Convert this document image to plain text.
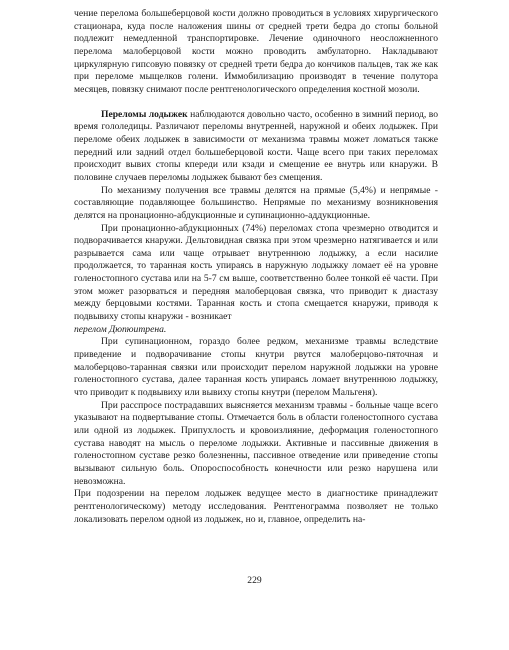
чение перелома большеберцовой кости должно проводиться в условиях хирургического стационара, куда после наложения шины от средней трети бедра до стопы больной подлежит немедленной транспортировке. Лечение одиночного неосложненного перелома малоберцовой кости можно проводить амбулаторно. Накладывают циркулярную гипсовую повязку от средней трети бедра до кончиков пальцев, так же как при переломе мыщелков голени. Иммобилизацию производят в течение полутора месяцев, повязку снимают после рентгенологического определения костной мозоли.

Переломы лодыжек наблюдаются довольно часто, особенно в зимний период, во время гололедицы. Различают переломы внутренней, наружной и обеих лодыжек. При переломе обеих лодыжек в зависимости от механизма травмы может ломаться также передний или задний отдел большеберцовой кости. Чаще всего при таких переломах происходит вывих стопы кпереди или кзади и смещение ее внутрь или кнаружи. В половине случаев переломы лодыжек бывают без смещения.

По механизму получения все травмы делятся на прямые (5,4%) и непрямые - составляющие подавляющее большинство. Непрямые по механизму возникновения делятся на пронационно-абдукционные и супинационно-аддукционные.

При пронационно-абдукционных (74%) переломах стопа чрезмерно отводится и подворачивается кнаружи. Дельтовидная связка при этом чрезмерно натягивается и или разрывается сама или чаще отрывает внутреннюю лодыжку, а если насилие продолжается, то таранная кость упираясь в наружную лодыжку ломает её на уровне голеностопного сустава или на 5-7 см выше, соответственно более тонкой её части. При этом может разорваться и передняя малоберцовая связка, что приводит к диастазу между берцовыми костями. Таранная кость и стопа смещается кнаружи, приводя к подвывиху стопы кнаружи - возникает
перелом Дюпюитрена.

При супинационном, гораздо более редком, механизме травмы вследствие приведение и подворачивание стопы кнутри рвутся малоберцово-пяточная и малоберцово-таранная связки или происходит перелом наружной лодыжки на уровне голеностопного сустава, далее таранная кость упираясь ломает внутреннюю лодыжку, что приводит к подвывиху или вывиху стопы кнутри (перелом Мальгеня).

При расспросе пострадавших выясняется механизм травмы - больные чаще всего указывают на подвертывание стопы. Отмечается боль в области голеностопного сустава или одной из лодыжек. Припухлость и кровоизлияние, деформация голеностопного сустава наводят на мысль о переломе лодыжки. Активные и пассивные движения в голеностопном суставе резко болезненны, пассивное отведение или приведение стопы вызывают сильную боль. Опороспособность конечности или резко нарушена или невозможна.

При подозрении на перелом лодыжек ведущее место в диагностике принадлежит рентгенологическому) методу исследования. Рентгенограмма позволяет не только локализовать перелом одной из лодыжек, но и, главное, определить на-

229
